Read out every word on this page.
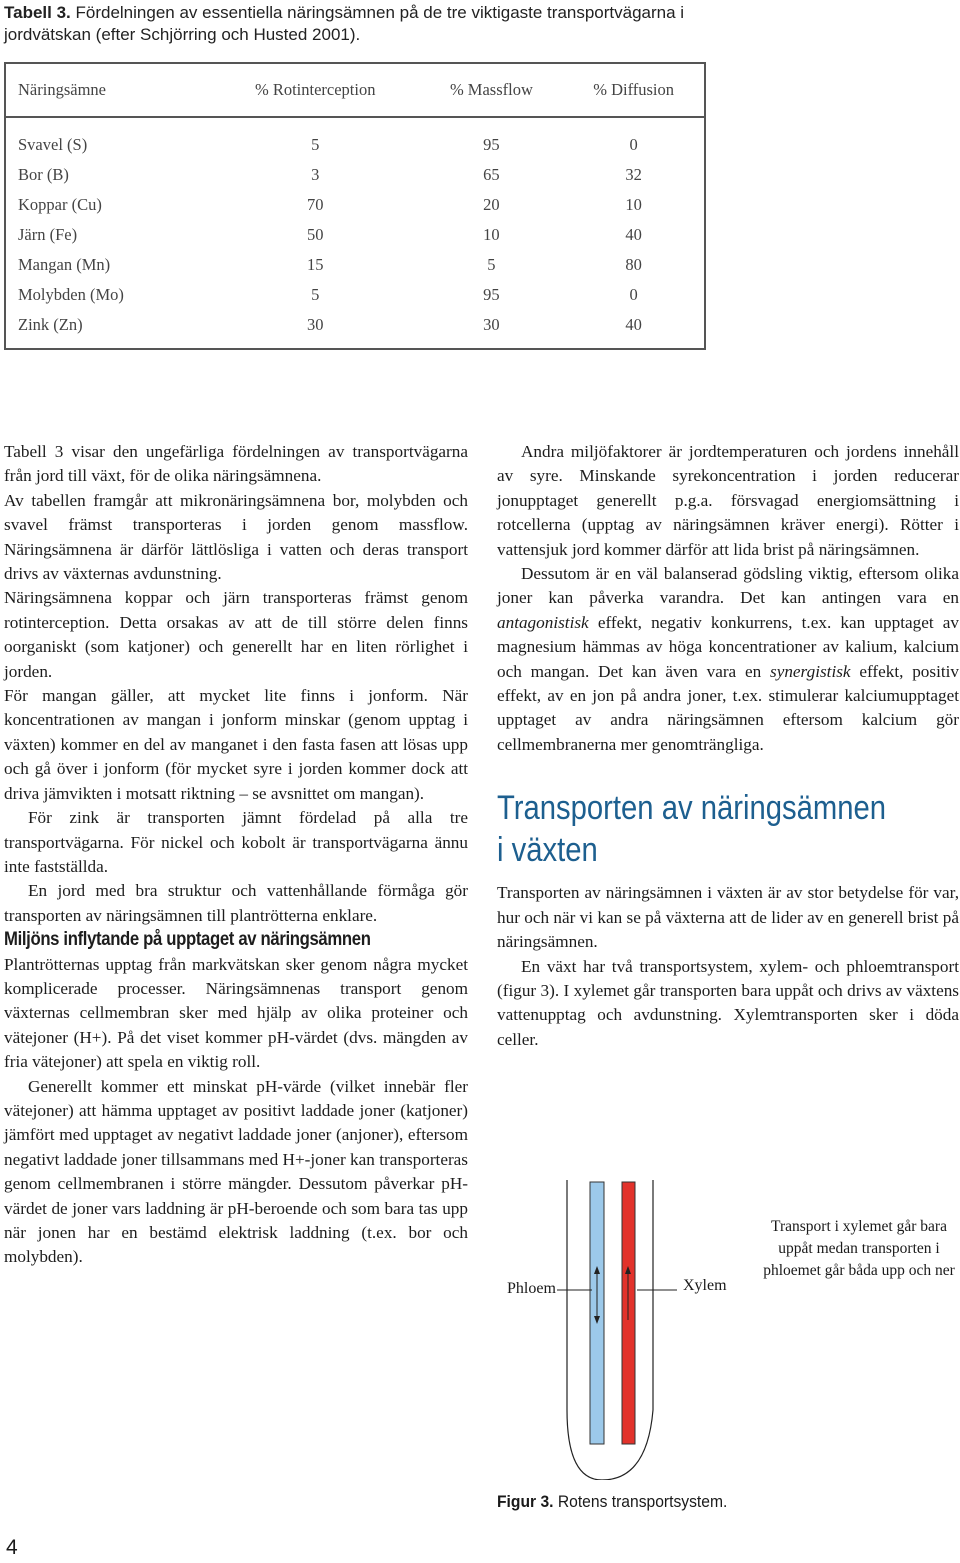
Tabell 3. Fördelningen av essentiella näringsämnen på de tre viktigaste transportvägarna i jordvätskan (efter Schjörring och Husted 2001).
Näringsämne	% Rotinterception	% Massflow	% Diffusion
Svavel (S)	5	95	0
Bor (B)	3	65	32
Koppar (Cu)	70	20	10
Järn (Fe)	50	10	40
Mangan (Mn)	15	5	80
Molybden (Mo)	5	95	0
Zink (Zn)	30	30	40

Tabell 3 visar den ungefärliga fördelningen av transportvägarna från jord till växt, för de olika näringsämnena.

Av tabellen framgår att mikronäringsämnena bor, molybden och svavel främst transporteras i jorden genom massflow. Näringsämnena är därför lättlösliga i vatten och deras transport drivs av växternas avdunstning.

Näringsämnena koppar och järn transporteras främst genom rotinterception. Detta orsakas av att de till större delen finns oorganiskt (som katjoner) och generellt har en liten rörlighet i jorden.

För mangan gäller, att mycket lite finns i jonform. När koncentrationen av mangan i jonform minskar (genom upptag i växten) kommer en del av manganet i den fasta fasen att lösas upp och gå över i jonform (för mycket syre i jorden kommer dock att driva jämvikten i motsatt riktning – se avsnittet om mangan).

För zink är transporten jämnt fördelad på alla tre transportvägarna. För nickel och kobolt är transportvägarna ännu inte fastställda.

En jord med bra struktur och vattenhållande förmåga gör transporten av näringsämnen till plantrötterna enklare.

Miljöns inflytande på upptaget av näringsämnen

Plantrötternas upptag från markvätskan sker genom några mycket komplicerade processer. Näringsämnenas transport genom växternas cellmembran sker med hjälp av olika proteiner och vätejoner (H+). På det viset kommer pH-värdet (dvs. mängden av fria vätejoner) att spela en viktig roll.

Generellt kommer ett minskat pH-värde (vilket innebär fler vätejoner) att hämma upptaget av positivt laddade joner (katjoner) jämfört med upptaget av negativt laddade joner (anjoner), eftersom negativt laddade joner tillsammans med H+-joner kan transporteras genom cellmembranen i större mängder. Dessutom påverkar pH-värdet de joner vars laddning är pH-beroende och som bara tas upp när jonen har en bestämd elektrisk laddning (t.ex. bor och molybden).

Andra miljöfaktorer är jordtemperaturen och jordens innehåll av syre. Minskande syrekoncentration i jorden reducerar jonupptaget generellt p.g.a. försvagad energiomsättning i rotcellerna (upptag av näringsämnen kräver energi). Rötter i vattensjuk jord kommer därför att lida brist på näringsämnen.

Dessutom är en väl balanserad gödsling viktig, eftersom olika joner kan påverka varandra. Det kan antingen vara en antagonistisk effekt, negativ konkurrens, t.ex. kan upptaget av magnesium hämmas av höga koncentrationer av kalium, kalcium och mangan. Det kan även vara en synergistisk effekt, positiv effekt, av en jon på andra joner, t.ex. stimulerar kalciumupptaget upptaget av andra näringsämnen eftersom kalcium gör cellmembranerna mer genomträngliga.

Transporten av näringsämnen
i växten

Transporten av näringsämnen i växten är av stor betydelse för var, hur och när vi kan se på växterna att de lider av en generell brist på näringsämnen.

En växt har två transportsystem, xylem- och phloemtransport (figur 3). I xylemet går transporten bara uppåt och drivs av växtens vattenupptag och avdunstning. Xylemtransporten sker i döda celler.

Phloem	Xylem
Transport i xylemet går bara uppåt medan transporten i phloemet går båda upp och ner
Figur 3. Rotens transportsystem.
4
